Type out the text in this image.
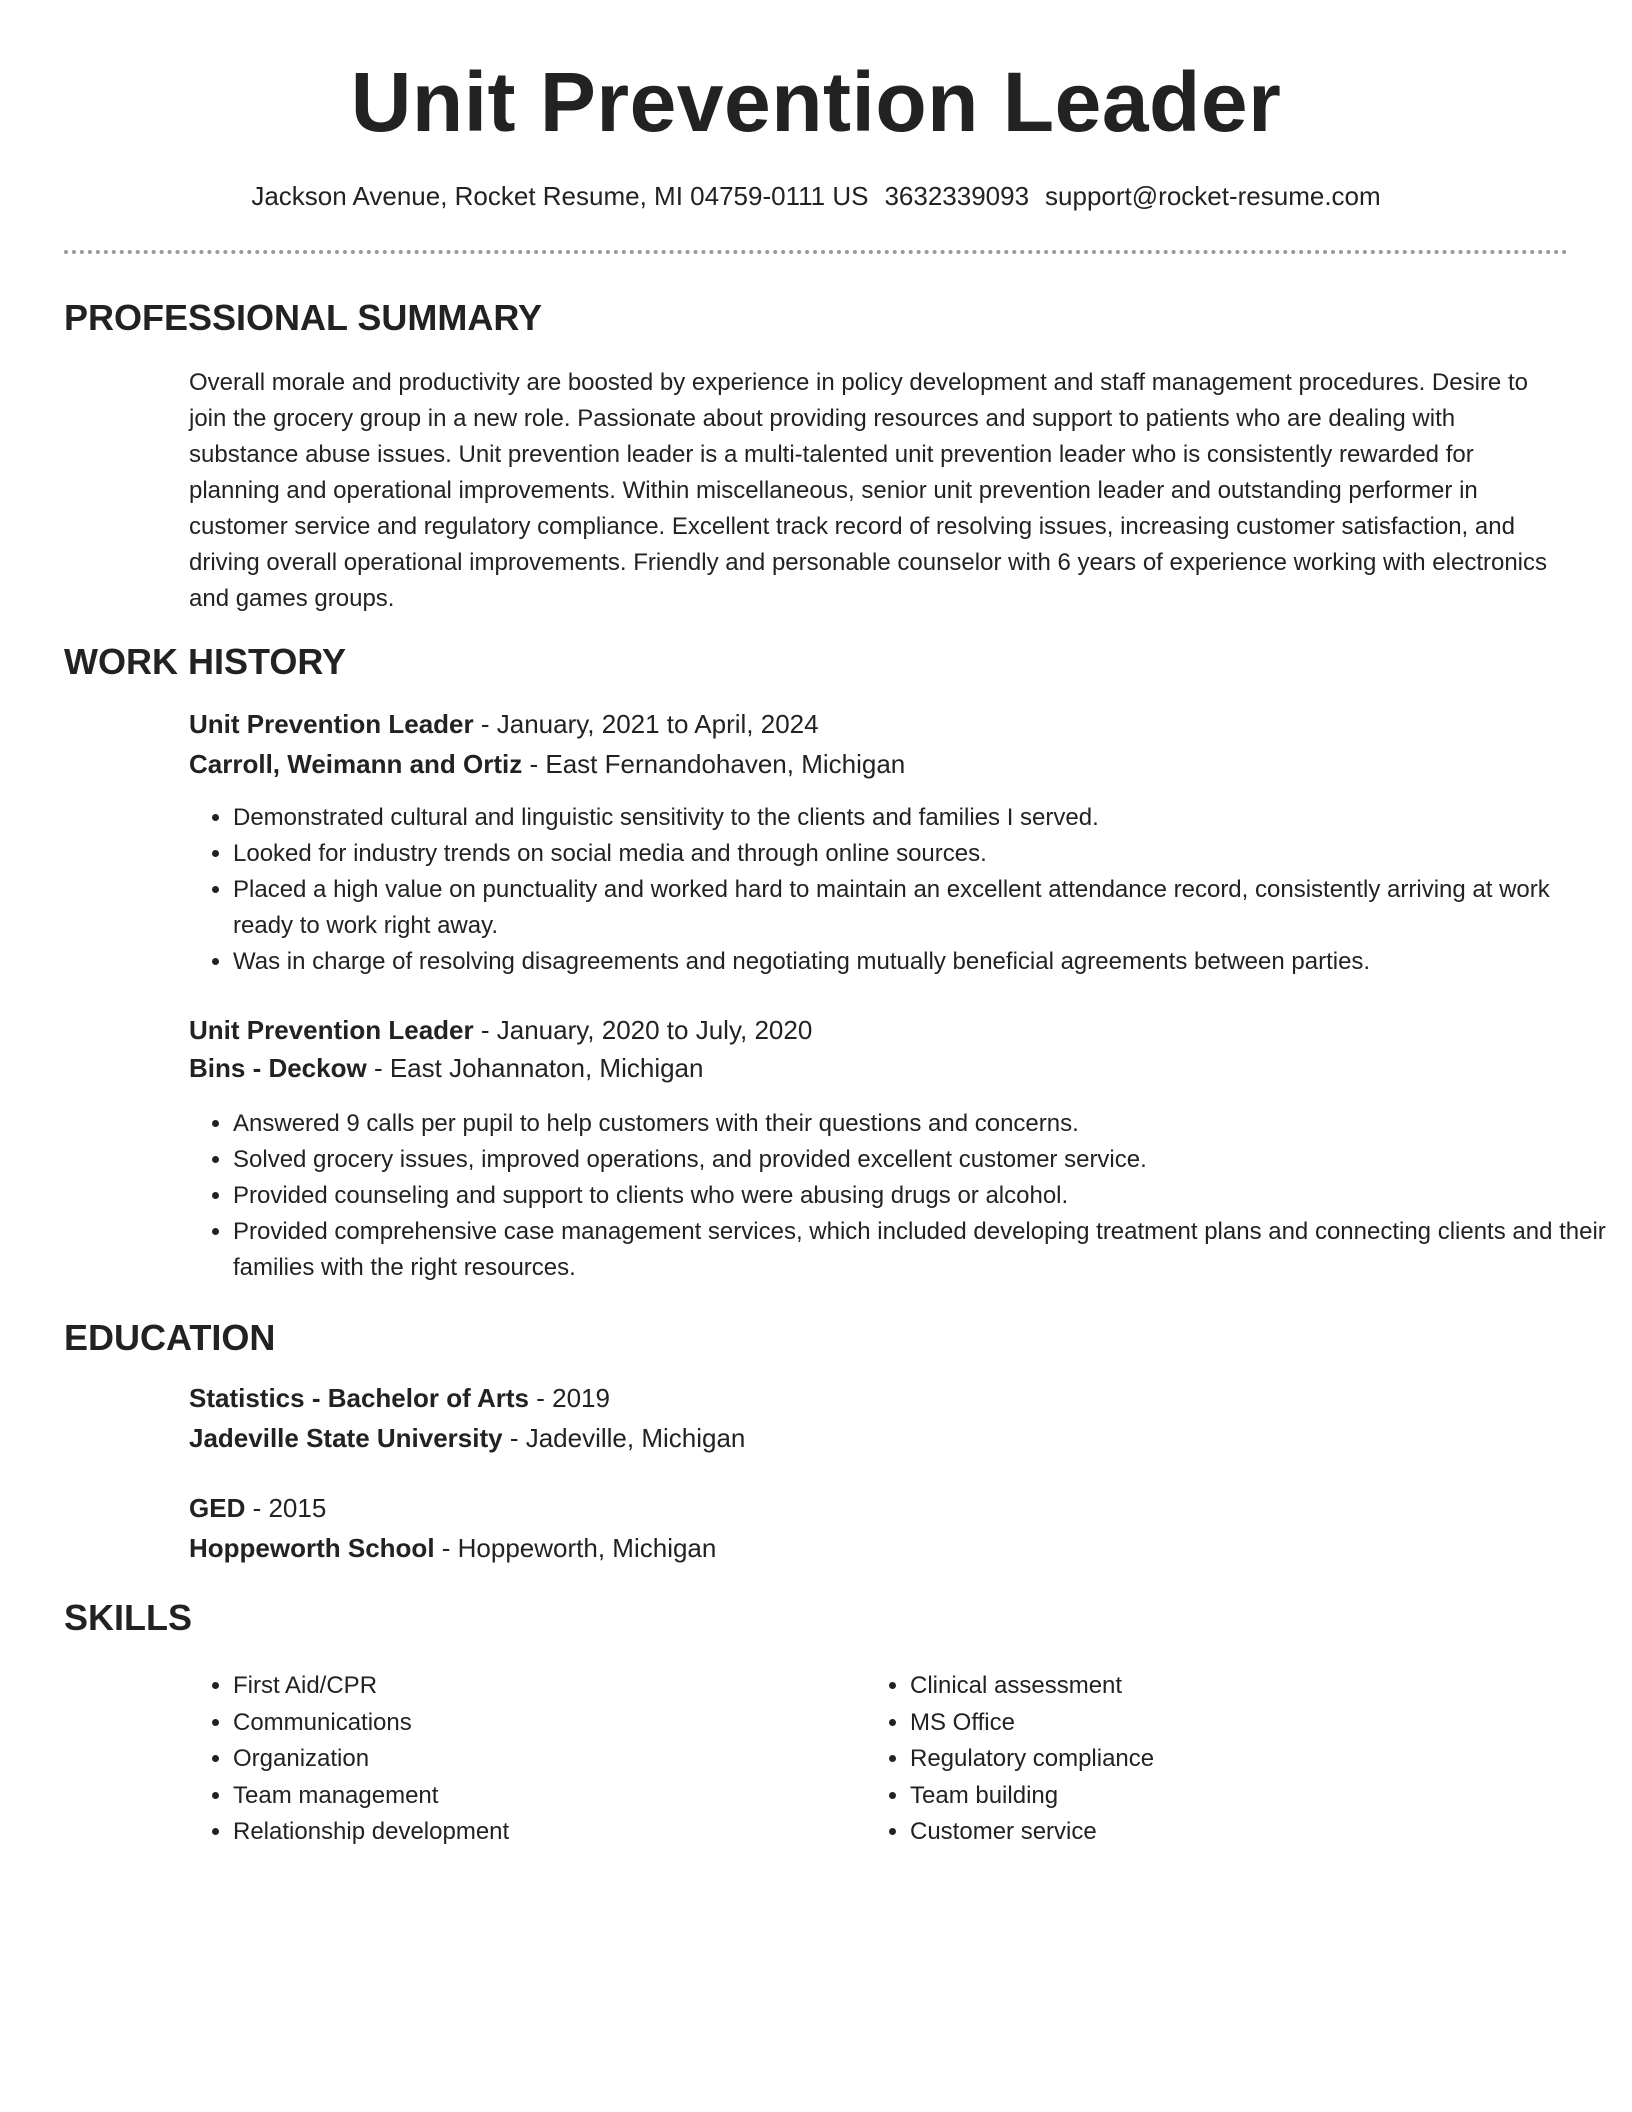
Unit Prevention Leader
Jackson Avenue, Rocket Resume, MI 04759-0111 US 3632339093 support@rocket-resume.com
PROFESSIONAL SUMMARY
Overall morale and productivity are boosted by experience in policy development and staff management procedures. Desire to join the grocery group in a new role. Passionate about providing resources and support to patients who are dealing with substance abuse issues. Unit prevention leader is a multi-talented unit prevention leader who is consistently rewarded for planning and operational improvements. Within miscellaneous, senior unit prevention leader and outstanding performer in customer service and regulatory compliance. Excellent track record of resolving issues, increasing customer satisfaction, and driving overall operational improvements. Friendly and personable counselor with 6 years of experience working with electronics and games groups.
WORK HISTORY
Unit Prevention Leader - January, 2021 to April, 2024
Carroll, Weimann and Ortiz - East Fernandohaven, Michigan
• Demonstrated cultural and linguistic sensitivity to the clients and families I served.
• Looked for industry trends on social media and through online sources.
• Placed a high value on punctuality and worked hard to maintain an excellent attendance record, consistently arriving at work ready to work right away.
• Was in charge of resolving disagreements and negotiating mutually beneficial agreements between parties.
Unit Prevention Leader - January, 2020 to July, 2020
Bins - Deckow - East Johannaton, Michigan
• Answered 9 calls per pupil to help customers with their questions and concerns.
• Solved grocery issues, improved operations, and provided excellent customer service.
• Provided counseling and support to clients who were abusing drugs or alcohol.
• Provided comprehensive case management services, which included developing treatment plans and connecting clients and their families with the right resources.
EDUCATION
Statistics - Bachelor of Arts - 2019
Jadeville State University - Jadeville, Michigan
GED - 2015
Hoppeworth School - Hoppeworth, Michigan
SKILLS
• First Aid/CPR
• Communications
• Organization
• Team management
• Relationship development
• Clinical assessment
• MS Office
• Regulatory compliance
• Team building
• Customer service
